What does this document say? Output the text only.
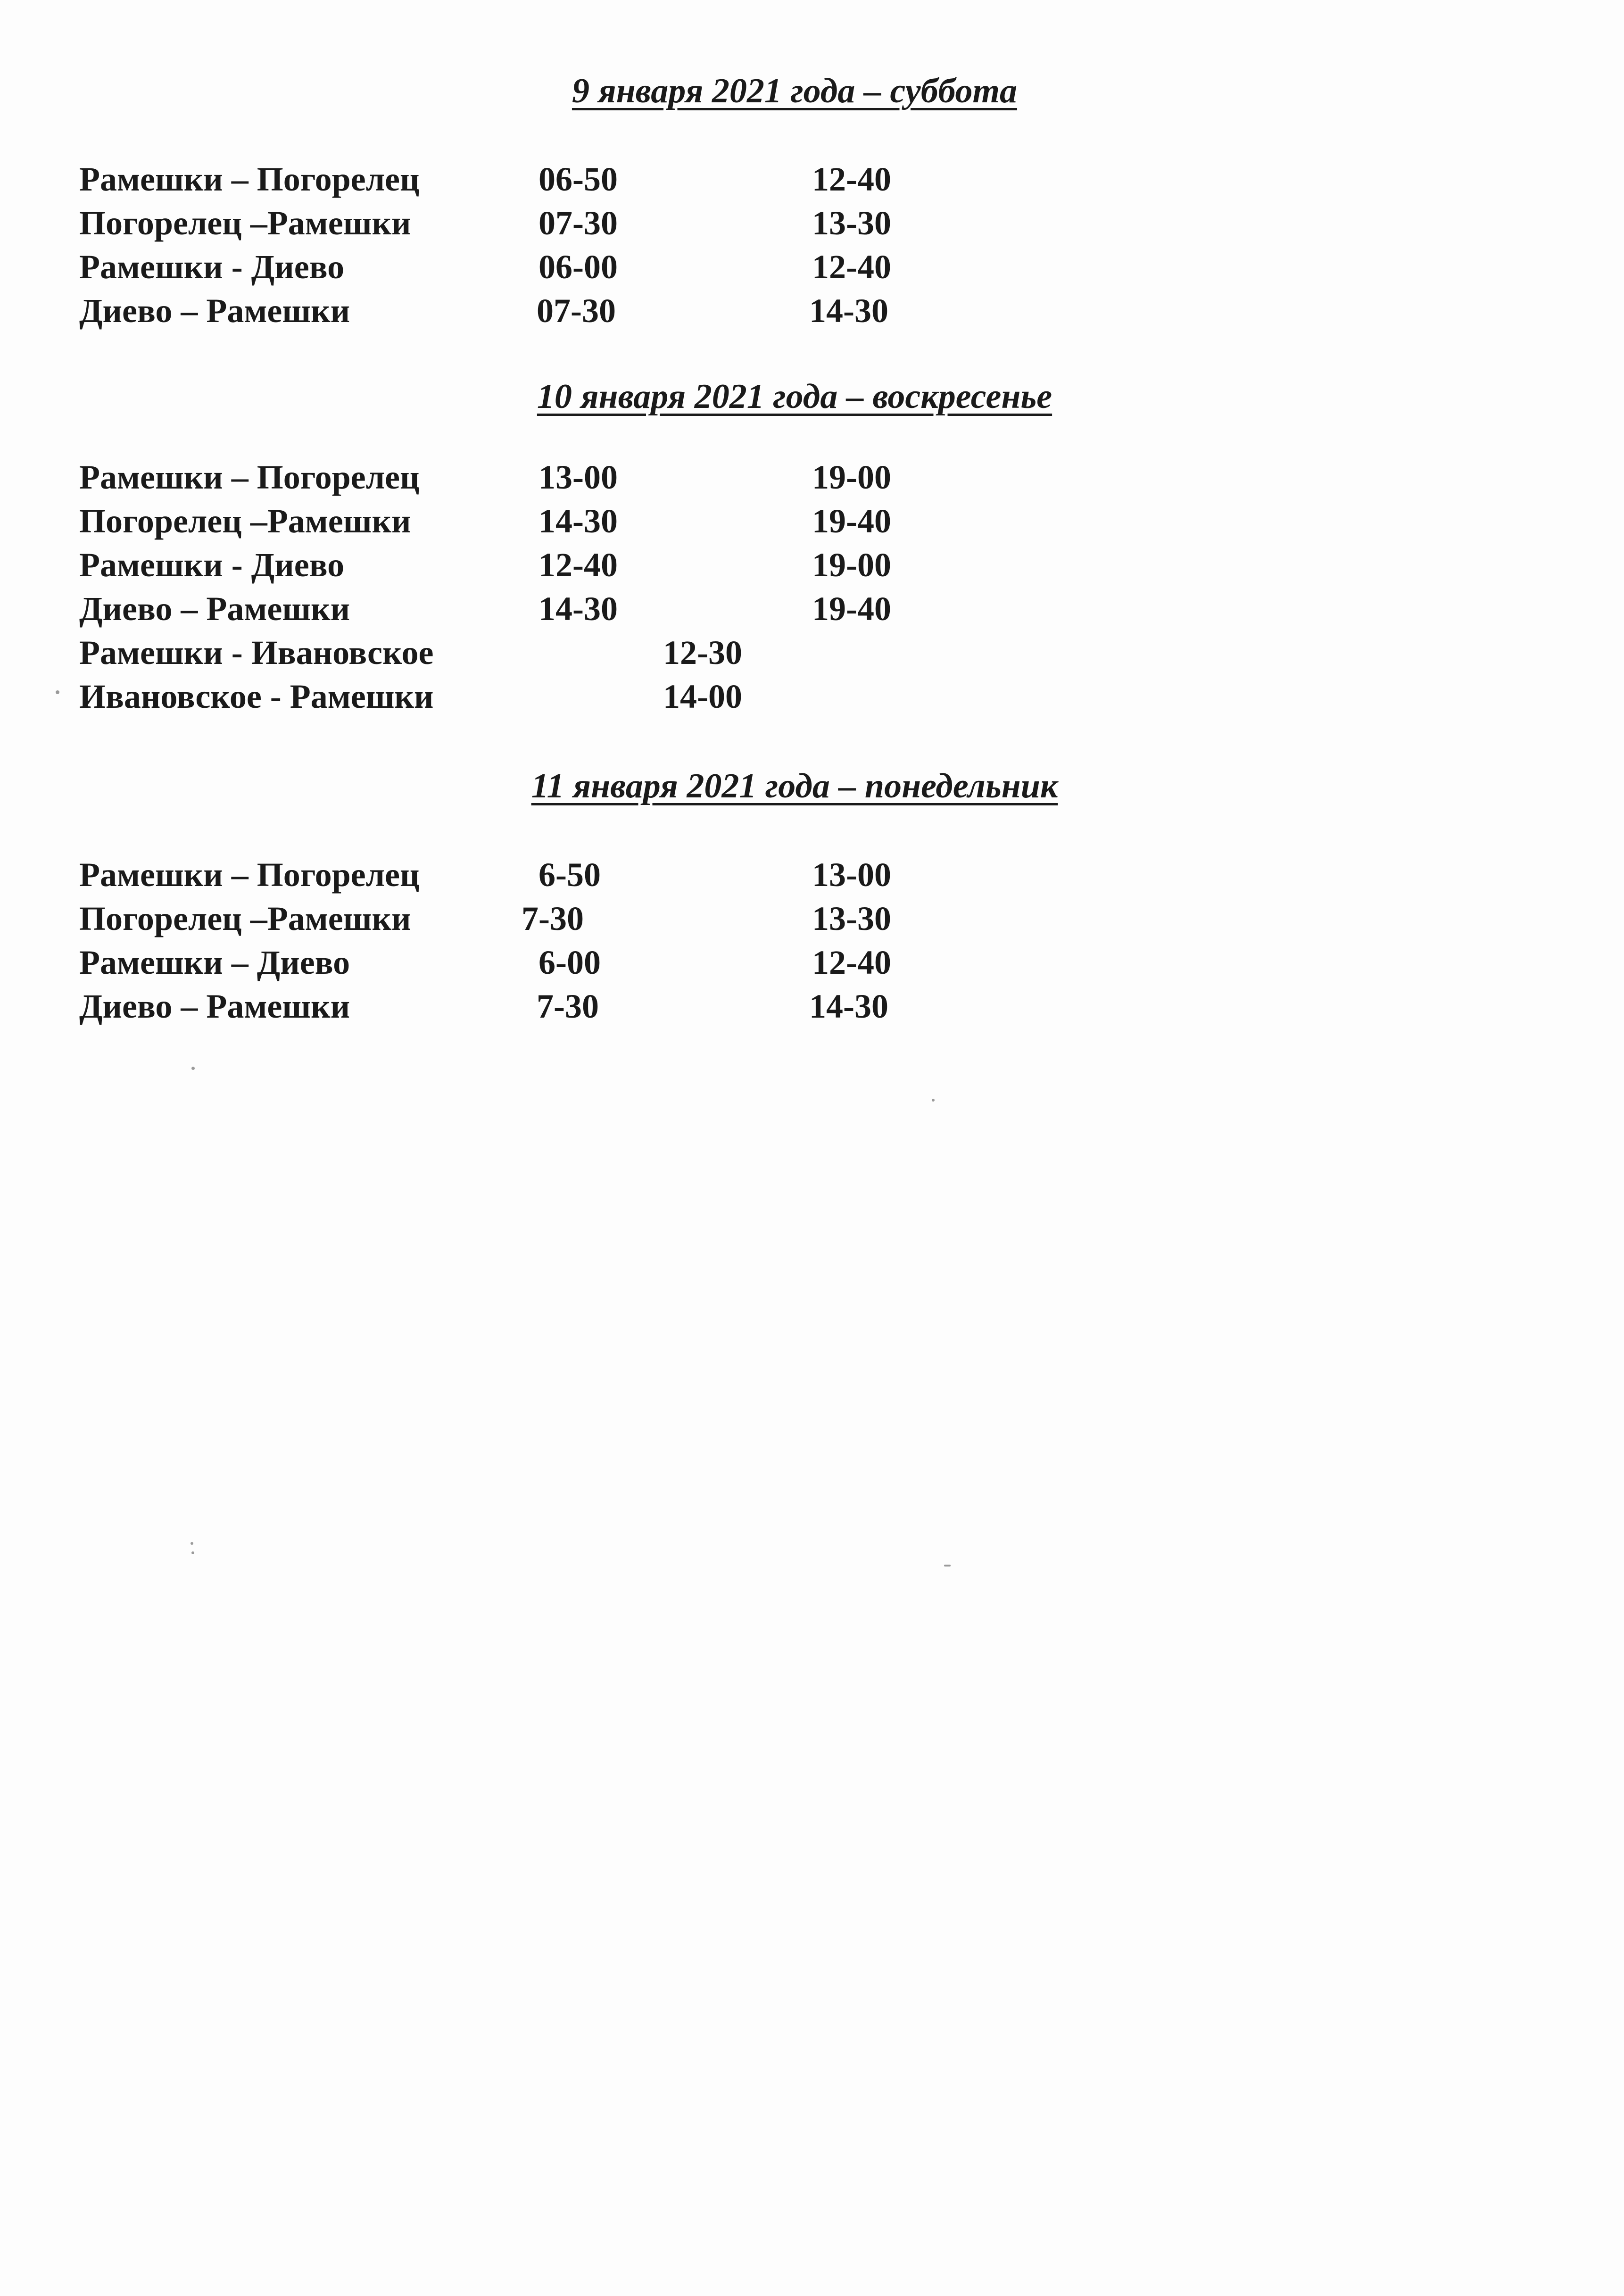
9 января 2021 года – суббота
Рамешки – Погорелец	06-50	12-40
Погорелец –Рамешки	07-30	13-30
Рамешки - Диево	06-00	12-40
Диево – Рамешки	07-30	14-30
10 января 2021 года – воскресенье
Рамешки – Погорелец	13-00	19-00
Погорелец –Рамешки	14-30	19-40
Рамешки - Диево	12-40	19-00
Диево – Рамешки	14-30	19-40
Рамешки - Ивановское	12-30
Ивановское - Рамешки	14-00
11 января 2021 года – понедельник
Рамешки – Погорелец	6-50	13-00
Погорелец –Рамешки	7-30	13-30
Рамешки – Диево	6-00	12-40
Диево – Рамешки	7-30	14-30
